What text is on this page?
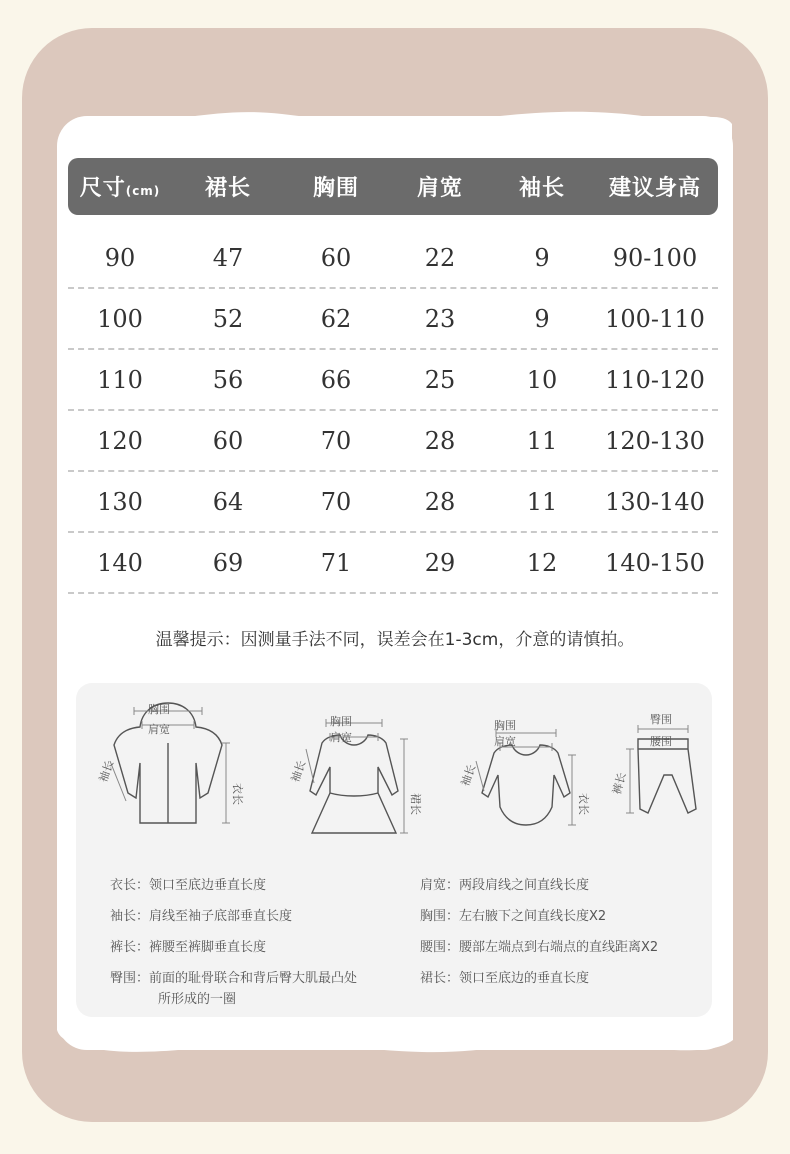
尺寸(cm)	裙长	胸围	肩宽	袖长	建议身高
90	47	60	22	9	90-100
100	52	62	23	9	100-110
110	56	66	25	10	110-120
120	60	70	28	11	120-130
130	64	70	28	11	130-140
140	69	71	29	12	140-150
温馨提示：因测量手法不同，误差会在1-3cm，介意的请慎拍。
胸围
肩宽
袖长
衣长
胸围
肩宽
袖长
裙长
胸围
肩宽
袖长
衣长
臀围
腰围
裤长
衣长：领口至底边垂直长度
袖长：肩线至袖子底部垂直长度
裤长：裤腰至裤脚垂直长度
臀围：前面的耻骨联合和背后臀大肌最凸处
所形成的一圈
肩宽：两段肩线之间直线长度
胸围：左右腋下之间直线长度X2
腰围：腰部左端点到右端点的直线距离X2
裙长：领口至底边的垂直长度
